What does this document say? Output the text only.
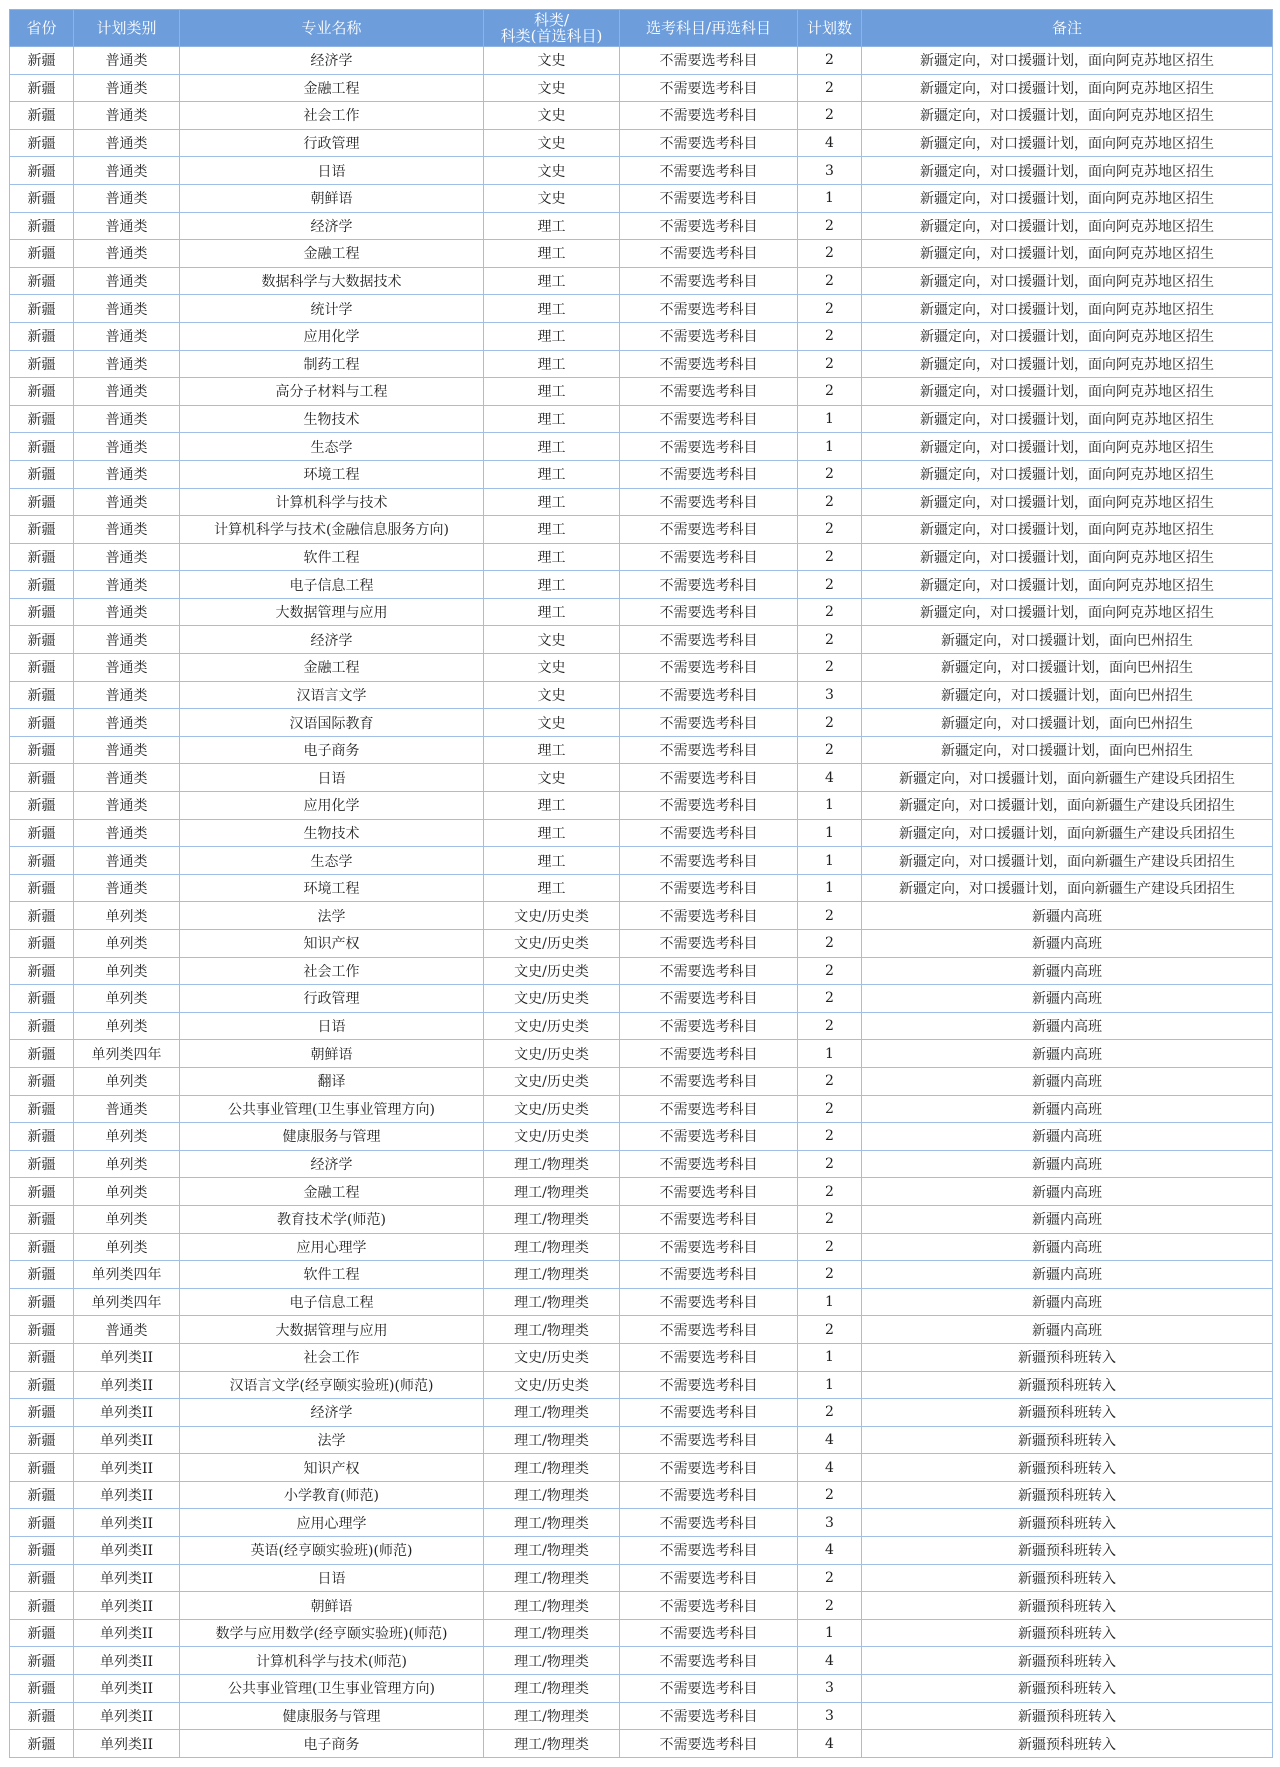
省份	计划类别	专业名称	科类/
科类(首选科目)	选考科目/再选科目	计划数	备注
新疆	普通类	经济学	文史	不需要选考科目	2	新疆定向，对口援疆计划，面向阿克苏地区招生
新疆	普通类	金融工程	文史	不需要选考科目	2	新疆定向，对口援疆计划，面向阿克苏地区招生
新疆	普通类	社会工作	文史	不需要选考科目	2	新疆定向，对口援疆计划，面向阿克苏地区招生
新疆	普通类	行政管理	文史	不需要选考科目	4	新疆定向，对口援疆计划，面向阿克苏地区招生
新疆	普通类	日语	文史	不需要选考科目	3	新疆定向，对口援疆计划，面向阿克苏地区招生
新疆	普通类	朝鲜语	文史	不需要选考科目	1	新疆定向，对口援疆计划，面向阿克苏地区招生
新疆	普通类	经济学	理工	不需要选考科目	2	新疆定向，对口援疆计划，面向阿克苏地区招生
新疆	普通类	金融工程	理工	不需要选考科目	2	新疆定向，对口援疆计划，面向阿克苏地区招生
新疆	普通类	数据科学与大数据技术	理工	不需要选考科目	2	新疆定向，对口援疆计划，面向阿克苏地区招生
新疆	普通类	统计学	理工	不需要选考科目	2	新疆定向，对口援疆计划，面向阿克苏地区招生
新疆	普通类	应用化学	理工	不需要选考科目	2	新疆定向，对口援疆计划，面向阿克苏地区招生
新疆	普通类	制药工程	理工	不需要选考科目	2	新疆定向，对口援疆计划，面向阿克苏地区招生
新疆	普通类	高分子材料与工程	理工	不需要选考科目	2	新疆定向，对口援疆计划，面向阿克苏地区招生
新疆	普通类	生物技术	理工	不需要选考科目	1	新疆定向，对口援疆计划，面向阿克苏地区招生
新疆	普通类	生态学	理工	不需要选考科目	1	新疆定向，对口援疆计划，面向阿克苏地区招生
新疆	普通类	环境工程	理工	不需要选考科目	2	新疆定向，对口援疆计划，面向阿克苏地区招生
新疆	普通类	计算机科学与技术	理工	不需要选考科目	2	新疆定向，对口援疆计划，面向阿克苏地区招生
新疆	普通类	计算机科学与技术(金融信息服务方向)	理工	不需要选考科目	2	新疆定向，对口援疆计划，面向阿克苏地区招生
新疆	普通类	软件工程	理工	不需要选考科目	2	新疆定向，对口援疆计划，面向阿克苏地区招生
新疆	普通类	电子信息工程	理工	不需要选考科目	2	新疆定向，对口援疆计划，面向阿克苏地区招生
新疆	普通类	大数据管理与应用	理工	不需要选考科目	2	新疆定向，对口援疆计划，面向阿克苏地区招生
新疆	普通类	经济学	文史	不需要选考科目	2	新疆定向，对口援疆计划，面向巴州招生
新疆	普通类	金融工程	文史	不需要选考科目	2	新疆定向，对口援疆计划，面向巴州招生
新疆	普通类	汉语言文学	文史	不需要选考科目	3	新疆定向，对口援疆计划，面向巴州招生
新疆	普通类	汉语国际教育	文史	不需要选考科目	2	新疆定向，对口援疆计划，面向巴州招生
新疆	普通类	电子商务	理工	不需要选考科目	2	新疆定向，对口援疆计划，面向巴州招生
新疆	普通类	日语	文史	不需要选考科目	4	新疆定向，对口援疆计划，面向新疆生产建设兵团招生
新疆	普通类	应用化学	理工	不需要选考科目	1	新疆定向，对口援疆计划，面向新疆生产建设兵团招生
新疆	普通类	生物技术	理工	不需要选考科目	1	新疆定向，对口援疆计划，面向新疆生产建设兵团招生
新疆	普通类	生态学	理工	不需要选考科目	1	新疆定向，对口援疆计划，面向新疆生产建设兵团招生
新疆	普通类	环境工程	理工	不需要选考科目	1	新疆定向，对口援疆计划，面向新疆生产建设兵团招生
新疆	单列类	法学	文史/历史类	不需要选考科目	2	新疆内高班
新疆	单列类	知识产权	文史/历史类	不需要选考科目	2	新疆内高班
新疆	单列类	社会工作	文史/历史类	不需要选考科目	2	新疆内高班
新疆	单列类	行政管理	文史/历史类	不需要选考科目	2	新疆内高班
新疆	单列类	日语	文史/历史类	不需要选考科目	2	新疆内高班
新疆	单列类四年	朝鲜语	文史/历史类	不需要选考科目	1	新疆内高班
新疆	单列类	翻译	文史/历史类	不需要选考科目	2	新疆内高班
新疆	普通类	公共事业管理(卫生事业管理方向)	文史/历史类	不需要选考科目	2	新疆内高班
新疆	单列类	健康服务与管理	文史/历史类	不需要选考科目	2	新疆内高班
新疆	单列类	经济学	理工/物理类	不需要选考科目	2	新疆内高班
新疆	单列类	金融工程	理工/物理类	不需要选考科目	2	新疆内高班
新疆	单列类	教育技术学(师范)	理工/物理类	不需要选考科目	2	新疆内高班
新疆	单列类	应用心理学	理工/物理类	不需要选考科目	2	新疆内高班
新疆	单列类四年	软件工程	理工/物理类	不需要选考科目	2	新疆内高班
新疆	单列类四年	电子信息工程	理工/物理类	不需要选考科目	1	新疆内高班
新疆	普通类	大数据管理与应用	理工/物理类	不需要选考科目	2	新疆内高班
新疆	单列类II	社会工作	文史/历史类	不需要选考科目	1	新疆预科班转入
新疆	单列类II	汉语言文学(经亨颐实验班)(师范)	文史/历史类	不需要选考科目	1	新疆预科班转入
新疆	单列类II	经济学	理工/物理类	不需要选考科目	2	新疆预科班转入
新疆	单列类II	法学	理工/物理类	不需要选考科目	4	新疆预科班转入
新疆	单列类II	知识产权	理工/物理类	不需要选考科目	4	新疆预科班转入
新疆	单列类II	小学教育(师范)	理工/物理类	不需要选考科目	2	新疆预科班转入
新疆	单列类II	应用心理学	理工/物理类	不需要选考科目	3	新疆预科班转入
新疆	单列类II	英语(经亨颐实验班)(师范)	理工/物理类	不需要选考科目	4	新疆预科班转入
新疆	单列类II	日语	理工/物理类	不需要选考科目	2	新疆预科班转入
新疆	单列类II	朝鲜语	理工/物理类	不需要选考科目	2	新疆预科班转入
新疆	单列类II	数学与应用数学(经亨颐实验班)(师范)	理工/物理类	不需要选考科目	1	新疆预科班转入
新疆	单列类II	计算机科学与技术(师范)	理工/物理类	不需要选考科目	4	新疆预科班转入
新疆	单列类II	公共事业管理(卫生事业管理方向)	理工/物理类	不需要选考科目	3	新疆预科班转入
新疆	单列类II	健康服务与管理	理工/物理类	不需要选考科目	3	新疆预科班转入
新疆	单列类II	电子商务	理工/物理类	不需要选考科目	4	新疆预科班转入
